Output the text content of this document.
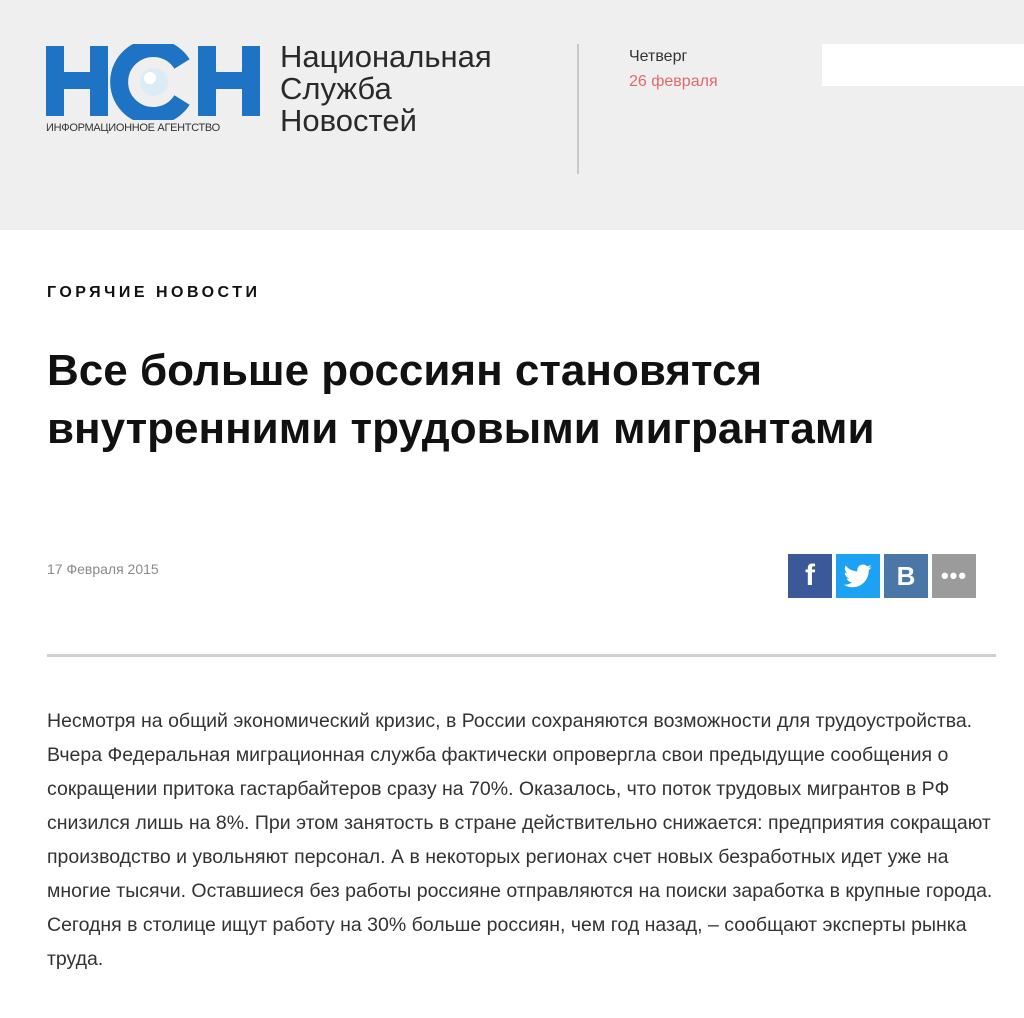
ИНФОРМАЦИОННОЕ АГЕНТСТВО
Национальная
Служба
Новостей
Четверг
26 февраля
ГОРЯЧИЕ НОВОСТИ
Все больше россиян становятся внутренними трудовыми мигрантами
17 Февраля 2015	f	B •••

Несмотря на общий экономический кризис, в России сохраняются возможности для трудоустройства. Вчера Федеральная миграционная служба фактически опровергла свои предыдущие сообщения о сокращении притока гастарбайтеров сразу на 70%. Оказалось, что поток трудовых мигрантов в РФ снизился лишь на 8%. При этом занятость в стране действительно снижается: предприятия сокращают производство и увольняют персонал. А в некоторых регионах счет новых безработных идет уже на многие тысячи. Оставшиеся без работы россияне отправляются на поиски заработка в крупные города. Сегодня в столице ищут работу на 30% больше россиян, чем год назад, – сообщают эксперты рынка труда.
